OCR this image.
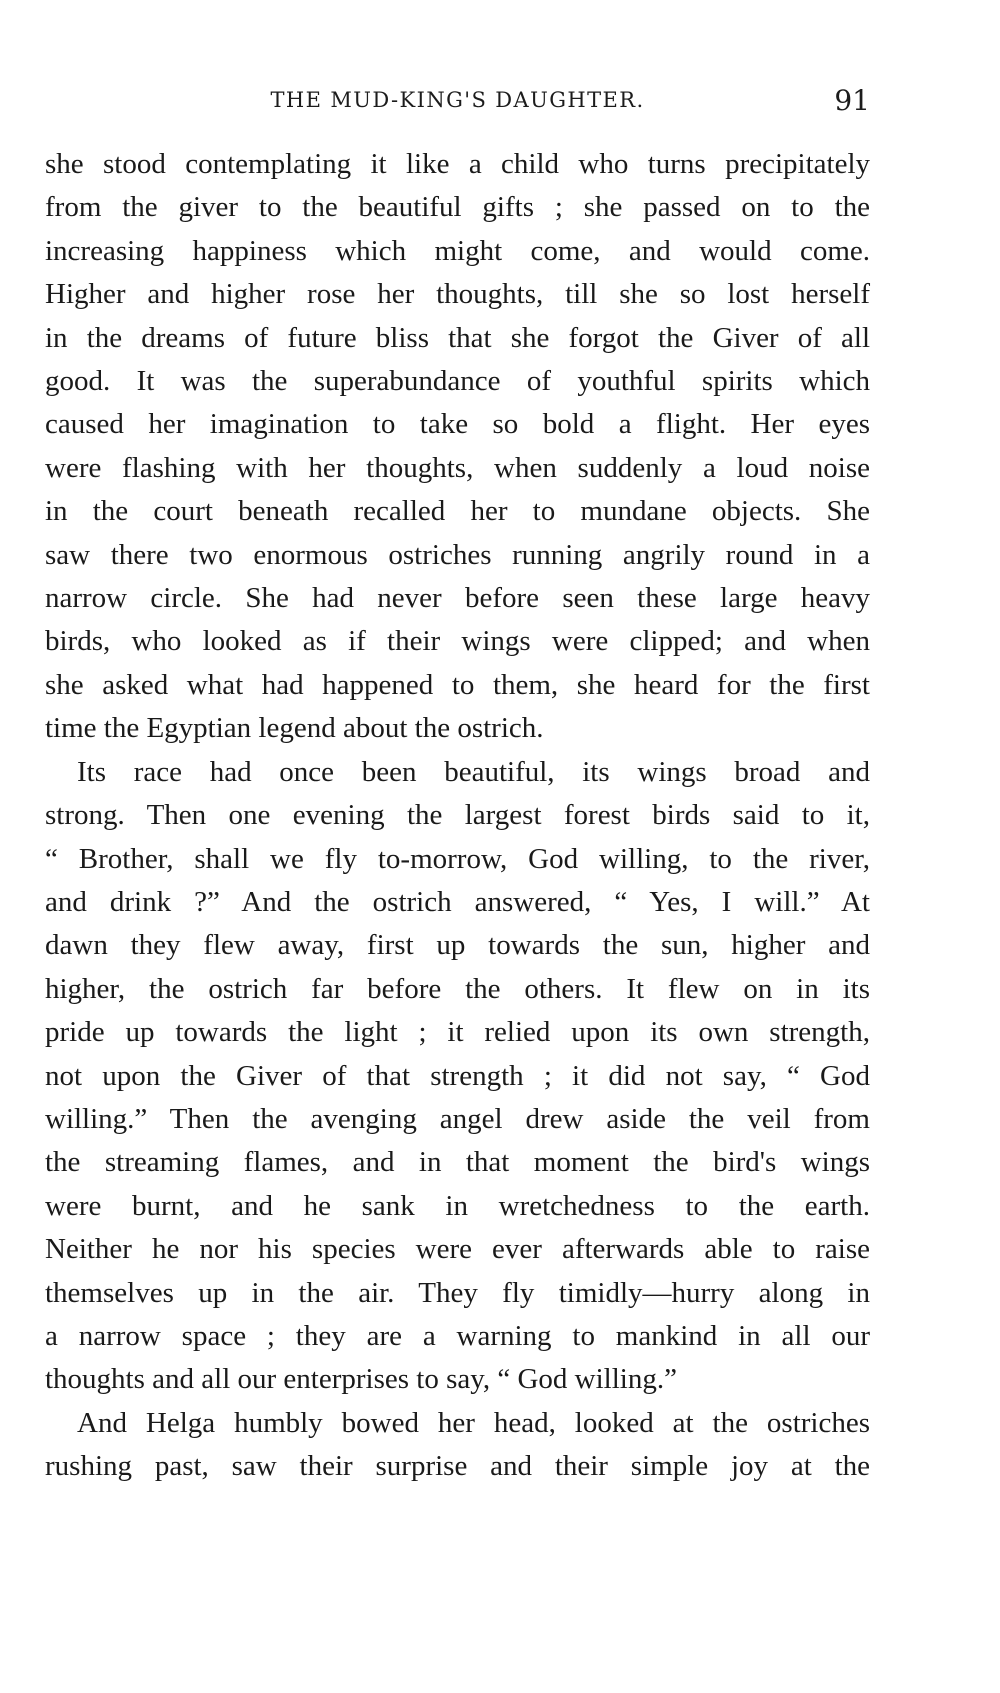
THE MUD-KING'S DAUGHTER.	91
she stood contemplating it like a child who turns precipitately
from the giver to the beautiful gifts ; she passed on to the
increasing happiness which might come, and would come.
Higher and higher rose her thoughts, till she so lost herself
in the dreams of future bliss that she forgot the Giver of all
good. It was the superabundance of youthful spirits which
caused her imagination to take so bold a flight. Her eyes
were flashing with her thoughts, when suddenly a loud noise
in the court beneath recalled her to mundane objects. She
saw there two enormous ostriches running angrily round in a
narrow circle. She had never before seen these large heavy
birds, who looked as if their wings were clipped; and when
she asked what had happened to them, she heard for the first
time the Egyptian legend about the ostrich.
Its race had once been beautiful, its wings broad and
strong. Then one evening the largest forest birds said to it,
“ Brother, shall we fly to-morrow, God willing, to the river,
and drink ?” And the ostrich answered, “ Yes, I will.” At
dawn they flew away, first up towards the sun, higher and
higher, the ostrich far before the others. It flew on in its
pride up towards the light ; it relied upon its own strength,
not upon the Giver of that strength ; it did not say, “ God
willing.” Then the avenging angel drew aside the veil from
the streaming flames, and in that moment the bird's wings
were burnt, and he sank in wretchedness to the earth.
Neither he nor his species were ever afterwards able to raise
themselves up in the air. They fly timidly—hurry along in
a narrow space ; they are a warning to mankind in all our
thoughts and all our enterprises to say, “ God willing.”
And Helga humbly bowed her head, looked at the ostriches
rushing past, saw their surprise and their simple joy at the
